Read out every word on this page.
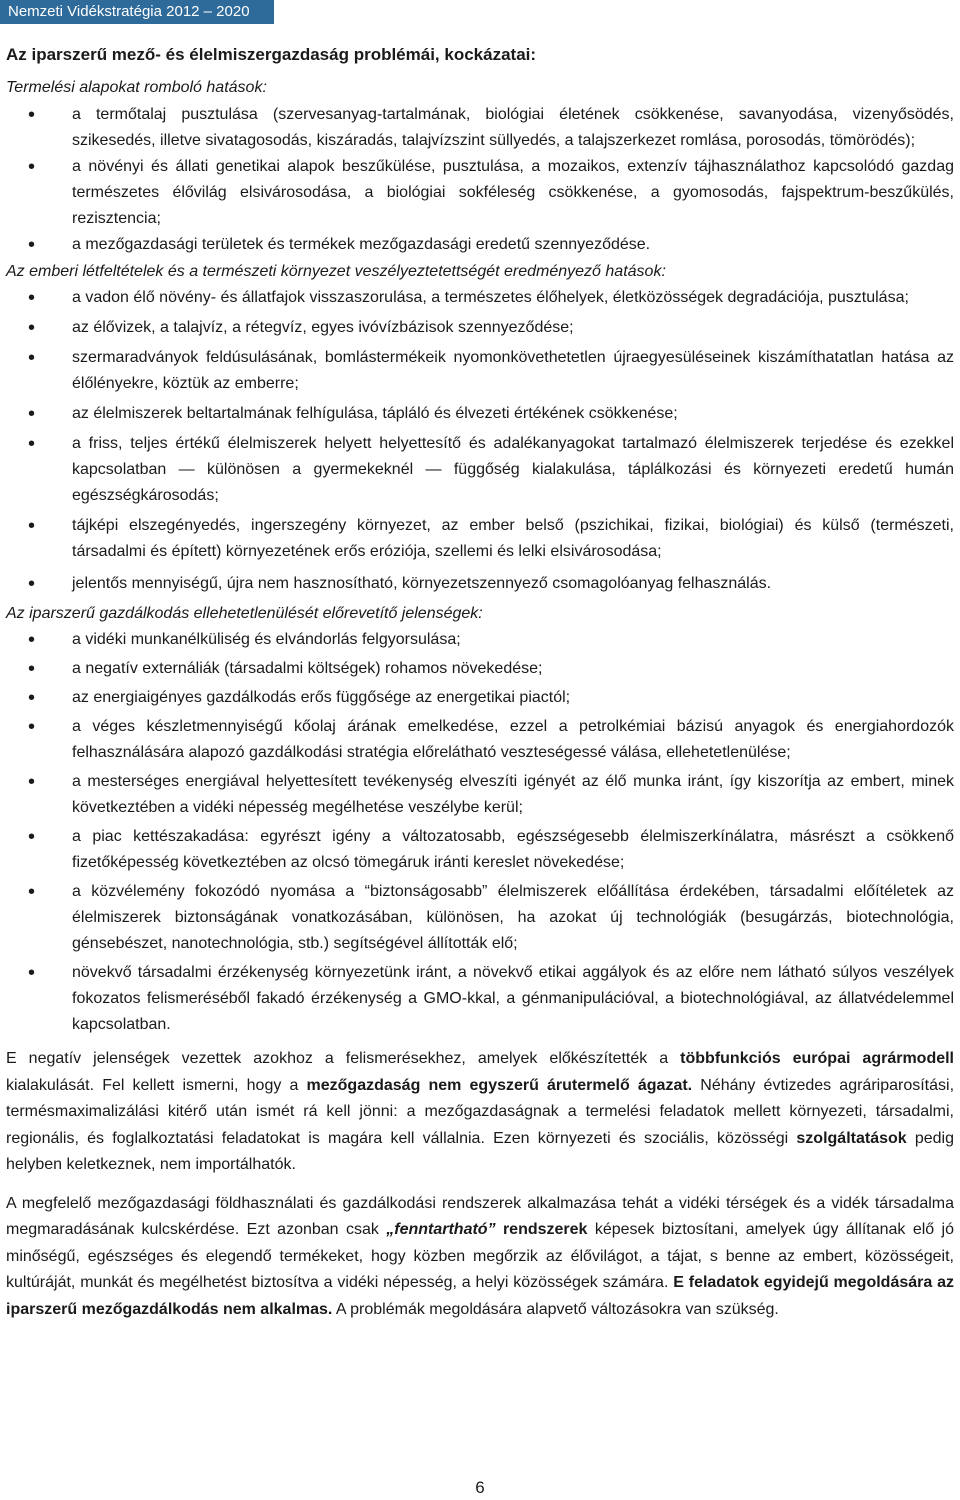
Nemzeti Vidékstratégia 2012 – 2020
Az iparszerű mező- és élelmiszergazdaság problémái, kockázatai:
Termelési alapokat romboló hatások:
• a termőtalaj pusztulása (szervesanyag-tartalmának, biológiai életének csökkenése, savanyodása, vizenyősödés, szikesedés, illetve sivatagosodás, kiszáradás, talajvízszint süllyedés, a talajszerkezet romlása, porosodás, tömörödés);
• a növényi és állati genetikai alapok beszűkülése, pusztulása, a mozaikos, extenzív tájhasználathoz kapcsolódó gazdag természetes élővilág elsivárosodása, a biológiai sokféleség csökkenése, a gyomosodás, fajspektrum-beszűkülés, rezisztencia;
• a mezőgazdasági területek és termékek mezőgazdasági eredetű szennyeződése.
Az emberi létfeltételek és a természeti környezet veszélyeztetettségét eredményező hatások:
• a vadon élő növény- és állatfajok visszaszorulása, a természetes élőhelyek, életközösségek degradációja, pusztulása;
• az élővizek, a talajvíz, a rétegvíz, egyes ivóvízbázisok szennyeződése;
• szermaradványok feldúsulásának, bomlástermékeik nyomonkövethetetlen újraegyesüléseinek kiszámíthatatlan hatása az élőlényekre, köztük az emberre;
• az élelmiszerek beltartalmának felhígulása, tápláló és élvezeti értékének csökkenése;
• a friss, teljes értékű élelmiszerek helyett helyettesítő és adalékanyagokat tartalmazó élelmiszerek terjedése és ezekkel kapcsolatban — különösen a gyermekeknél — függőség kialakulása, táplálkozási és környezeti eredetű humán egészségkárosodás;
• tájképi elszegényedés, ingerszegény környezet, az ember belső (pszichikai, fizikai, biológiai) és külső (természeti, társadalmi és épített) környezetének erős eróziója, szellemi és lelki elsivárosodása;
• jelentős mennyiségű, újra nem hasznosítható, környezetszennyező csomagolóanyag felhasználás.
Az iparszerű gazdálkodás ellehetetlenülését előrevetítő jelenségek:
• a vidéki munkanélküliség és elvándorlás felgyorsulása;
• a negatív externáliák (társadalmi költségek) rohamos növekedése;
• az energiaigényes gazdálkodás erős függősége az energetikai piactól;
• a véges készletmennyiségű kőolaj árának emelkedése, ezzel a petrolkémiai bázisú anyagok és energiahordozók felhasználására alapozó gazdálkodási stratégia előrelátható veszteségessé válása, ellehetetlenülése;
• a mesterséges energiával helyettesített tevékenység elveszíti igényét az élő munka iránt, így kiszorítja az embert, minek következtében a vidéki népesség megélhetése veszélybe kerül;
• a piac kettészakadása: egyrészt igény a változatosabb, egészségesebb élelmiszerkínálatra, másrészt a csökkenő fizetőképesség következtében az olcsó tömegáruk iránti kereslet növekedése;
• a közvélemény fokozódó nyomása a “biztonságosabb” élelmiszerek előállítása érdekében, társadalmi előítéletek az élelmiszerek biztonságának vonatkozásában, különösen, ha azokat új technológiák (besugárzás, biotechnológia, génsebészet, nanotechnológia, stb.) segítségével állították elő;
• növekvő társadalmi érzékenység környezetünk iránt, a növekvő etikai aggályok és az előre nem látható súlyos veszélyek fokozatos felismeréséből fakadó érzékenység a GMO-kkal, a génmanipulációval, a biotechnológiával, az állatvédelemmel kapcsolatban.

E negatív jelenségek vezettek azokhoz a felismerésekhez, amelyek előkészítették a többfunkciós európai agrármodell kialakulását. Fel kellett ismerni, hogy a mezőgazdaság nem egyszerű árutermelő ágazat. Néhány évtizedes agráriparosítási, termésmaximalizálási kitérő után ismét rá kell jönni: a mezőgazdaságnak a termelési feladatok mellett környezeti, társadalmi, regionális, és foglalkoztatási feladatokat is magára kell vállalnia. Ezen környezeti és szociális, közösségi szolgáltatások pedig helyben keletkeznek, nem importálhatók.

A megfelelő mezőgazdasági földhasználati és gazdálkodási rendszerek alkalmazása tehát a vidéki térségek és a vidék társadalma megmaradásának kulcskérdése. Ezt azonban csak „fenntartható” rendszerek képesek biztosítani, amelyek úgy állítanak elő jó minőségű, egészséges és elegendő termékeket, hogy közben megőrzik az élővilágot, a tájat, s benne az embert, közösségeit, kultúráját, munkát és megélhetést biztosítva a vidéki népesség, a helyi közösségek számára. E feladatok egyidejű megoldására az iparszerű mezőgazdálkodás nem alkalmas. A problémák megoldására alapvető változásokra van szükség.

6
